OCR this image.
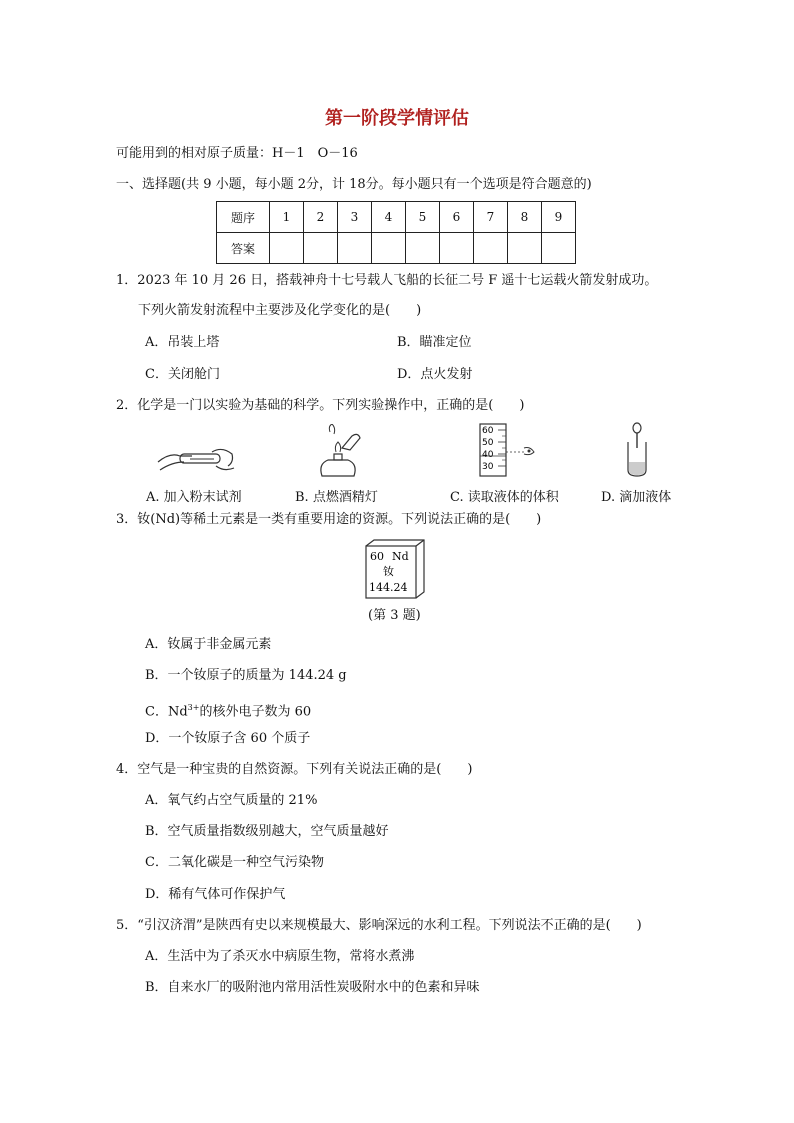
第一阶段学情评估
可能用到的相对原子质量：H－1　O－16
一、选择题(共 9 小题，每小题 2分，计 18分。每小题只有一个选项是符合题意的)
题序	1	2	3	4	5	6	7	8	9
答案									
1．2023 年 10 月 26 日，搭载神舟十七号载人飞船的长征二号 F 遥十七运载火箭发射成功。
下列火箭发射流程中主要涉及化学变化的是(　　)
A．吊装上塔	B．瞄准定位
C．关闭舱门	D．点火发射
2．化学是一门以实验为基础的科学。下列实验操作中，正确的是(　　)
60
50
40
30
A. 加入粉末试剂	B. 点燃酒精灯	C. 读取液体的体积	D. 滴加液体
3．钕(Nd)等稀土元素是一类有重要用途的资源。下列说法正确的是(　　)
60 Nd
钕
144.24
(第 3 题)
A．钕属于非金属元素
B．一个钕原子的质量为 144.24 g
C．$Nd^{3+}$的核外电子数为 60
D．一个钕原子含 60 个质子
4．空气是一种宝贵的自然资源。下列有关说法正确的是(　　)
A．氧气约占空气质量的 21%
B．空气质量指数级别越大，空气质量越好
C．二氧化碳是一种空气污染物
D．稀有气体可作保护气
5．“引汉济渭”是陕西有史以来规模最大、影响深远的水利工程。下列说法不正确的是(　　)
A．生活中为了杀灭水中病原生物，常将水煮沸
B．自来水厂的吸附池内常用活性炭吸附水中的色素和异味
